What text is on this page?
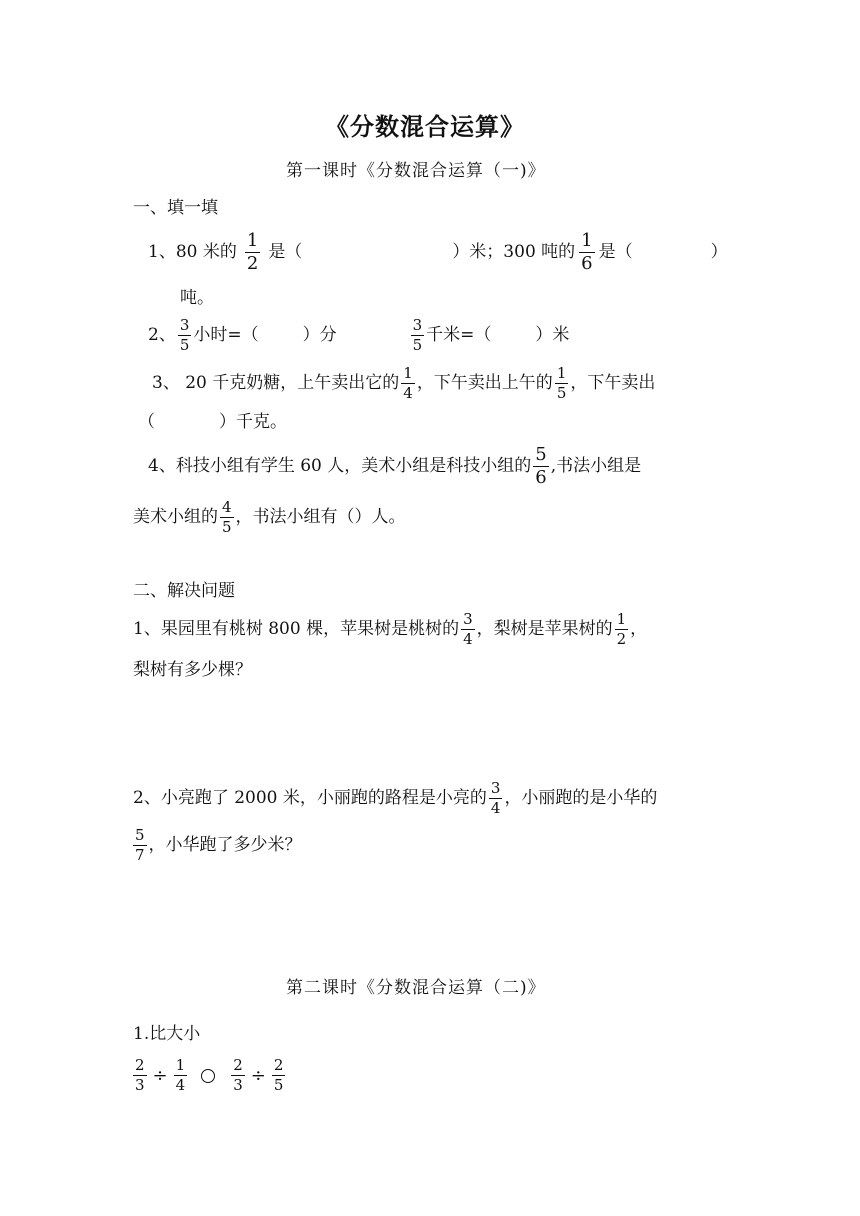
《分数混合运算》
第一课时《分数混合运算（一)》
一、填一填
1、80 米的 $\frac{1}{2}$ 是（	）米；300 吨的 $\frac{1}{6}$ 是（	）
吨。
2、 $\frac{3}{5}$ 小时=（	）分	$\frac{3}{5}$ 千米=（	）米
3、 20 千克奶糖，上午卖出它的 $\frac{1}{4}$ ，下午卖出上午的 $\frac{1}{5}$ ，下午卖出
（	）千克。
4、科技小组有学生 60 人，美术小组是科技小组的 $\frac{5}{6}$ ,书法小组是
美术小组的 $\frac{4}{5}$ ，书法小组有（）人。
二、解决问题
1、果园里有桃树 800 棵，苹果树是桃树的 $\frac{3}{4}$ ，梨树是苹果树的 $\frac{1}{2}$ ，
梨树有多少棵？
2、小亮跑了 2000 米，小丽跑的路程是小亮的 $\frac{3}{4}$ ，小丽跑的是小华的
$\frac{5}{7}$ ，小华跑了多少米？
第二课时《分数混合运算（二)》
1.比大小
$\frac{2}{3} \div \frac{1}{4}$	$\frac{2}{3} \div \frac{2}{5}$
